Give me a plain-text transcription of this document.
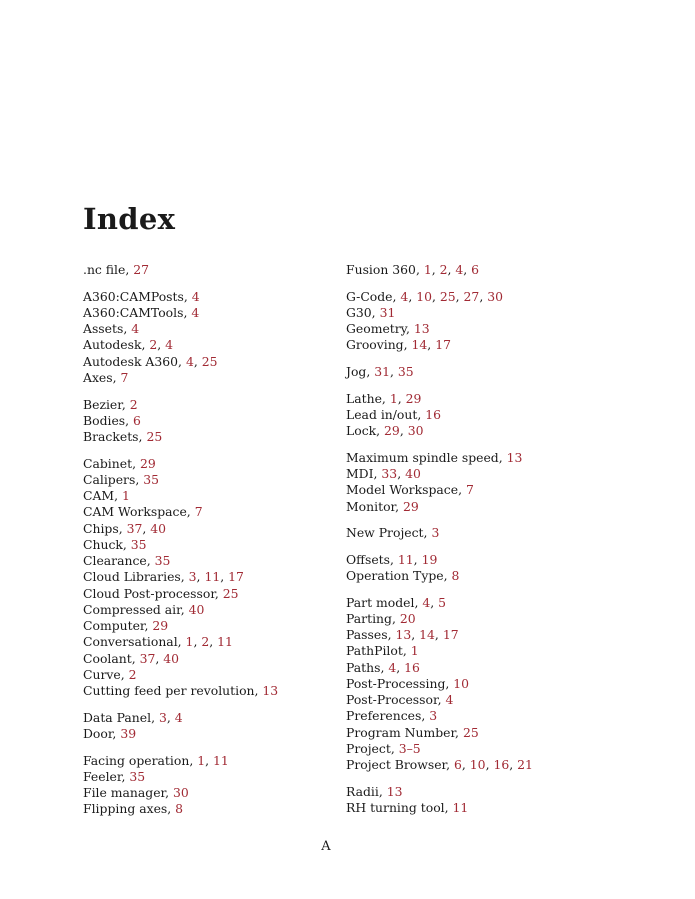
Index
.nc file, 27
A360:CAMPosts, 4
A360:CAMTools, 4
Assets, 4
Autodesk, 2, 4
Autodesk A360, 4, 25
Axes, 7
Bezier, 2
Bodies, 6
Brackets, 25
Cabinet, 29
Calipers, 35
CAM, 1
CAM Workspace, 7
Chips, 37, 40
Chuck, 35
Clearance, 35
Cloud Libraries, 3, 11, 17
Cloud Post-processor, 25
Compressed air, 40
Computer, 29
Conversational, 1, 2, 11
Coolant, 37, 40
Curve, 2
Cutting feed per revolution, 13
Data Panel, 3, 4
Door, 39
Facing operation, 1, 11
Feeler, 35
File manager, 30
Flipping axes, 8
Fusion 360, 1, 2, 4, 6
G-Code, 4, 10, 25, 27, 30
G30, 31
Geometry, 13
Grooving, 14, 17
Jog, 31, 35
Lathe, 1, 29
Lead in/out, 16
Lock, 29, 30
Maximum spindle speed, 13
MDI, 33, 40
Model Workspace, 7
Monitor, 29
New Project, 3
Offsets, 11, 19
Operation Type, 8
Part model, 4, 5
Parting, 20
Passes, 13, 14, 17
PathPilot, 1
Paths, 4, 16
Post-Processing, 10
Post-Processor, 4
Preferences, 3
Program Number, 25
Project, 3–5
Project Browser, 6, 10, 16, 21
Radii, 13
RH turning tool, 11
A
